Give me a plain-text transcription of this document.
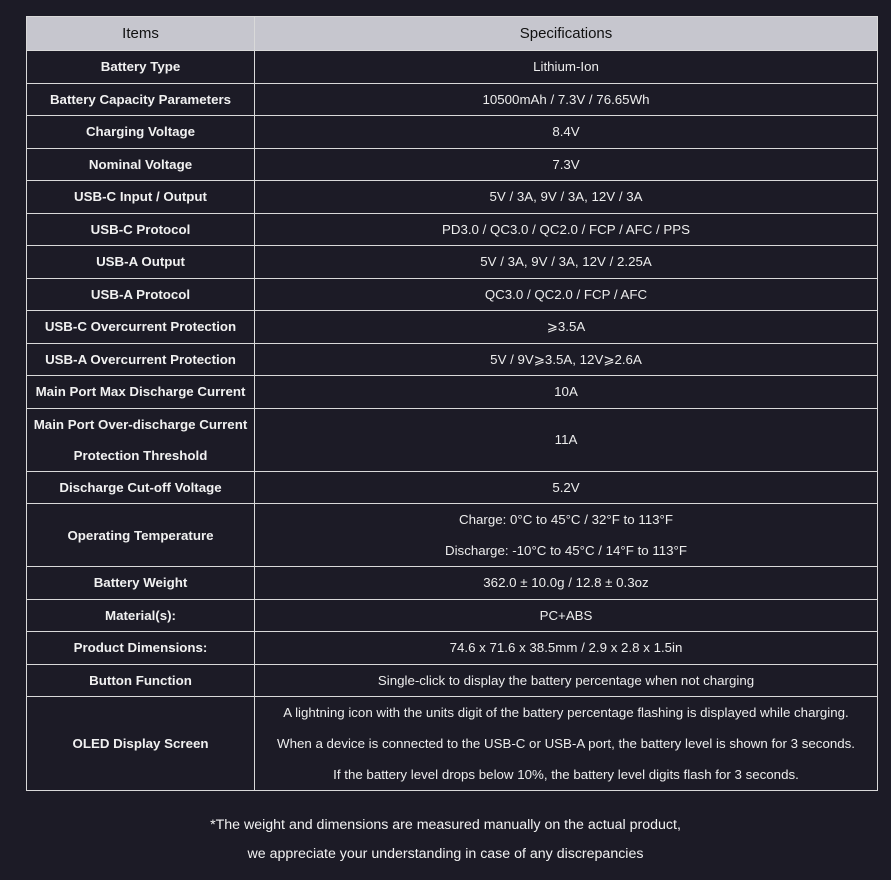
Items	Specifications

Battery Type	Lithium-Ion

Battery Capacity Parameters	10500mAh / 7.3V / 76.65Wh

Charging Voltage	8.4V

Nominal Voltage	7.3V

USB-C Input / Output	5V / 3A, 9V / 3A, 12V / 3A

USB-C Protocol	PD3.0 / QC3.0 / QC2.0 / FCP / AFC / PPS

USB-A Output	5V / 3A, 9V / 3A, 12V / 2.25A

USB-A Protocol	QC3.0 / QC2.0 / FCP / AFC

USB-C Overcurrent Protection	⩾3.5A

USB-A Overcurrent Protection	5V / 9V⩾3.5A, 12V⩾2.6A

Main Port Max Discharge Current	10A

Main Port Over-discharge Current
Protection Threshold	11A

Discharge Cut-off Voltage	5.2V

Operating Temperature	Charge: 0°C to 45°C / 32°F to 113°F
Discharge: -10°C to 45°C / 14°F to 113°F

Battery Weight	362.0 ± 10.0g / 12.8 ± 0.3oz

Material(s):	PC+ABS

Product Dimensions:	74.6 x 71.6 x 38.5mm / 2.9 x 2.8 x 1.5in

Button Function	Single-click to display the battery percentage when not charging

OLED Display Screen	A lightning icon with the units digit of the battery percentage flashing is displayed while charging.
When a device is connected to the USB-C or USB-A port, the battery level is shown for 3 seconds.
If the battery level drops below 10%, the battery level digits flash for 3 seconds.
*The weight and dimensions are measured manually on the actual product,
we appreciate your understanding in case of any discrepancies
